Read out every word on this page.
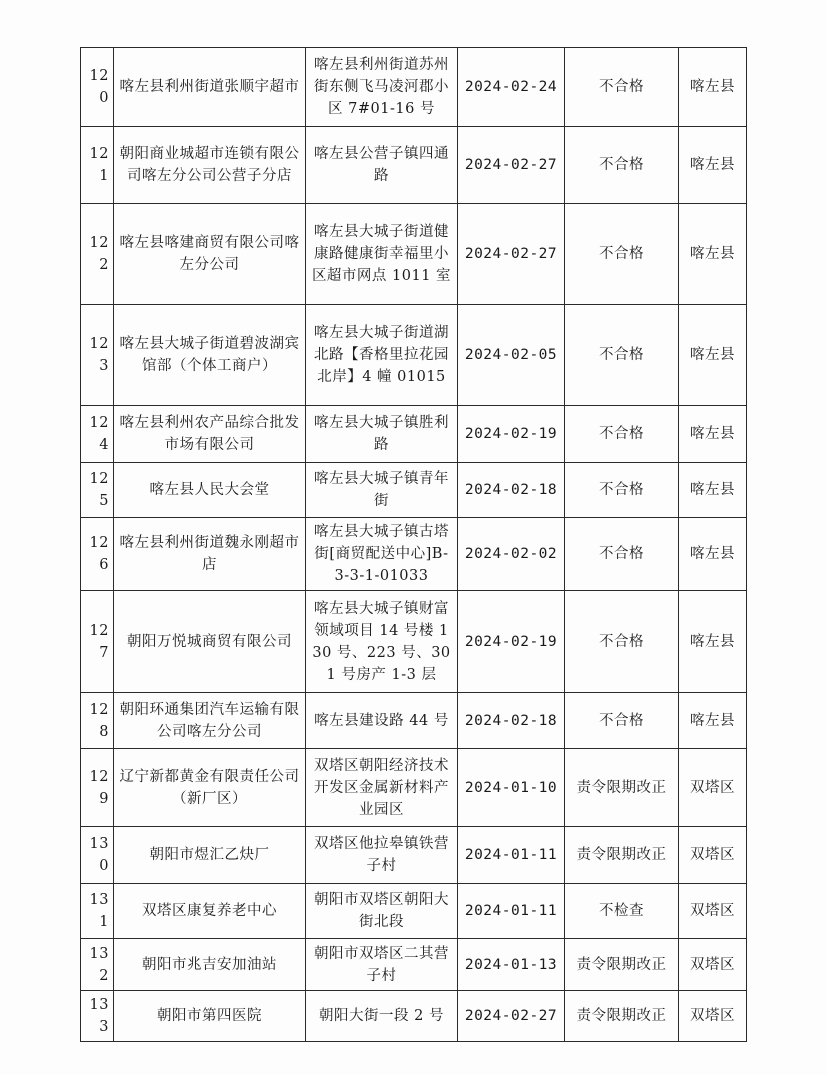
120	喀左县利州街道张顺宇超市	喀左县利州街道苏州街东侧飞马凌河郡小区 7#01-16 号	2024-02-24	不合格	喀左县
121	朝阳商业城超市连锁有限公司喀左分公司公营子分店	喀左县公营子镇四通路	2024-02-27	不合格	喀左县
122	喀左县喀建商贸有限公司喀左分公司	喀左县大城子街道健康路健康街幸福里小区超市网点 1011 室	2024-02-27	不合格	喀左县
123	喀左县大城子街道碧波湖宾馆部（个体工商户）	喀左县大城子街道湖北路【香格里拉花园北岸】4 幢 01015	2024-02-05	不合格	喀左县
124	喀左县利州农产品综合批发市场有限公司	喀左县大城子镇胜利路	2024-02-19	不合格	喀左县
125	喀左县人民大会堂	喀左县大城子镇青年街	2024-02-18	不合格	喀左县
126	喀左县利州街道魏永刚超市店	喀左县大城子镇古塔街[商贸配送中心]B-3-3-1-01033	2024-02-02	不合格	喀左县
127	朝阳万悦城商贸有限公司	喀左县大城子镇财富领域项目 14 号楼 130 号、223 号、301 号房产 1-3 层	2024-02-19	不合格	喀左县
128	朝阳环通集团汽车运输有限公司喀左分公司	喀左县建设路 44 号	2024-02-18	不合格	喀左县
129	辽宁新都黄金有限责任公司（新厂区）	双塔区朝阳经济技术开发区金属新材料产业园区	2024-01-10	责令限期改正	双塔区
130	朝阳市煜汇乙炔厂	双塔区他拉皋镇铁营子村	2024-01-11	责令限期改正	双塔区
131	双塔区康复养老中心	朝阳市双塔区朝阳大街北段	2024-01-11	不检查	双塔区
132	朝阳市兆吉安加油站	朝阳市双塔区二其营子村	2024-01-13	责令限期改正	双塔区
133	朝阳市第四医院	朝阳大街一段 2 号	2024-02-27	责令限期改正	双塔区
